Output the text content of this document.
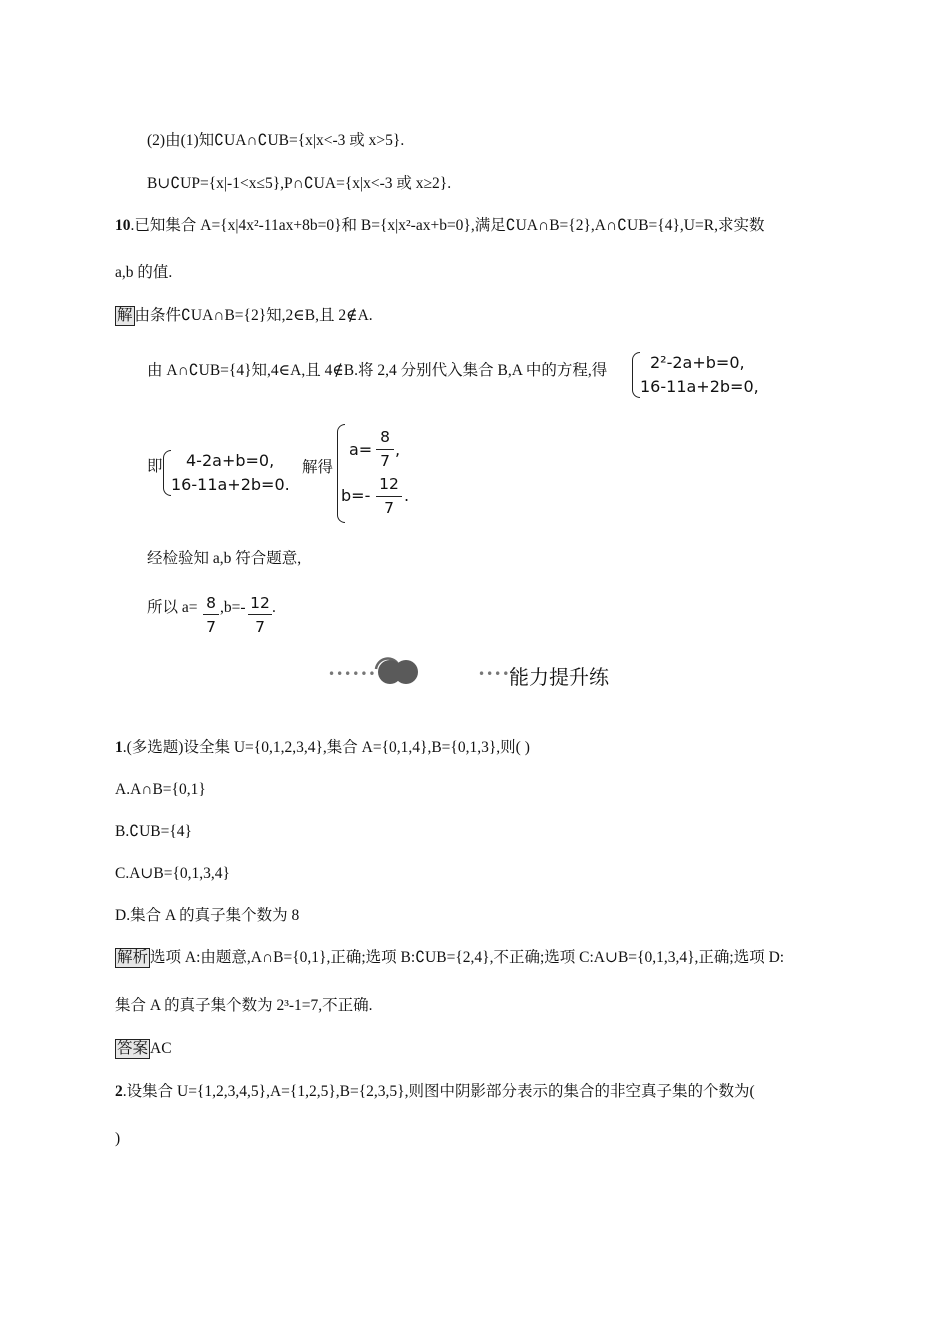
(2)由(1)知∁UA∩∁UB={x|x<-3 或 x>5}.
B∪∁UP={x|-1<x≤5},P∩∁UA={x|x<-3 或 x≥2}.
10.已知集合 A={x|4x²-11ax+8b=0}和 B={x|x²-ax+b=0},满足∁UA∩B={2},A∩∁UB={4},U=R,求实数
a,b 的值.
解 由条件∁UA∩B={2}知,2∈B,且 2∉A.
由 A∩∁UB={4}知,4∈A,且 4∉B.将 2,4 分别代入集合 B,A 中的方程,得	2²-2a+b=0,
16-11a+2b=0,
即 4-2a+b=0,
16-11a+2b=0.
解得
a=
8
7
,
b=-
12
7
.
经检验知 a,b 符合题意,
所以 a= 8
7
,b=- 12
7
.
••••••	•••••
能力提升练
1.(多选题)设全集 U={0,1,2,3,4},集合 A={0,1,4},B={0,1,3},则( )
A.A∩B={0,1}
B.∁UB={4}
C.A∪B={0,1,3,4}
D.集合 A 的真子集个数为 8
解析 选项 A:由题意,A∩B={0,1},正确;选项 B:∁UB={2,4},不正确;选项 C:A∪B={0,1,3,4},正确;选项 D:
集合 A 的真子集个数为 2³-1=7,不正确.
答案 AC
2.设集合 U={1,2,3,4,5},A={1,2,5},B={2,3,5},则图中阴影部分表示的集合的非空真子集的个数为(
)
